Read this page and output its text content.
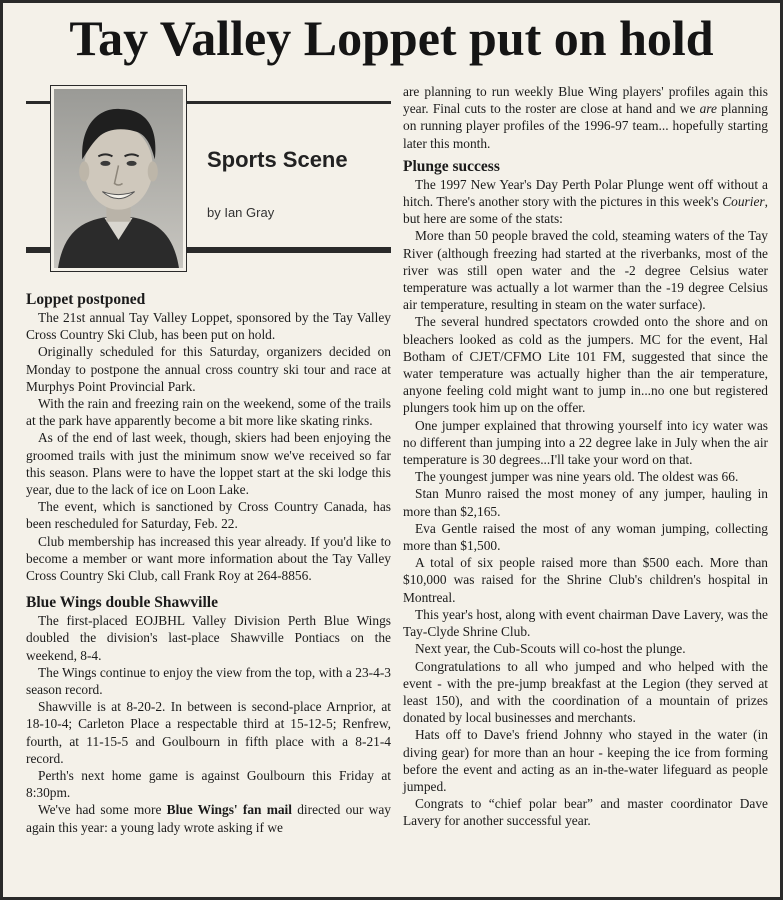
Tay Valley Loppet put on hold
Sports Scene
by Ian Gray
Loppet postponed

The 21st annual Tay Valley Loppet, sponsored by the Tay Valley Cross Country Ski Club, has been put on hold.

Originally scheduled for this Saturday, organizers decided on Monday to postpone the annual cross country ski tour and race at Murphys Point Provincial Park.

With the rain and freezing rain on the weekend, some of the trails at the park have apparently become a bit more like skating rinks.

As of the end of last week, though, skiers had been enjoying the groomed trails with just the minimum snow we've received so far this season. Plans were to have the loppet start at the ski lodge this year, due to the lack of ice on Loon Lake.

The event, which is sanctioned by Cross Country Canada, has been rescheduled for Saturday, Feb. 22.

Club membership has increased this year already. If you'd like to become a member or want more information about the Tay Valley Cross Country Ski Club, call Frank Roy at 264-8856.

Blue Wings double Shawville

The first-placed EOJBHL Valley Division Perth Blue Wings doubled the division's last-place Shawville Pontiacs on the weekend, 8-4.

The Wings continue to enjoy the view from the top, with a 23-4-3 season record.

Shawville is at 8-20-2. In between is second-place Arnprior, at 18-10-4; Carleton Place a respectable third at 15-12-5; Renfrew, fourth, at 11-15-5 and Goulbourn in fifth place with a 8-21-4 record.

Perth's next home game is against Goulbourn this Friday at 8:30pm.

We've had some more Blue Wings' fan mail directed our way again this year: a young lady wrote asking if we

are planning to run weekly Blue Wing players' profiles again this year. Final cuts to the roster are close at hand and we are planning on running player profiles of the 1996-97 team... hopefully starting later this month.

Plunge success

The 1997 New Year's Day Perth Polar Plunge went off without a hitch. There's another story with the pictures in this week's Courier, but here are some of the stats:

More than 50 people braved the cold, steaming waters of the Tay River (although freezing had started at the riverbanks, most of the river was still open water and the -2 degree Celsius water temperature was actually a lot warmer than the -19 degree Celsius air temperature, resulting in steam on the water surface).

The several hundred spectators crowded onto the shore and on bleachers looked as cold as the jumpers. MC for the event, Hal Botham of CJET/CFMO Lite 101 FM, suggested that since the water temperature was actually higher than the air temperature, anyone feeling cold might want to jump in...no one but registered plungers took him up on the offer.

One jumper explained that throwing yourself into icy water was no different than jumping into a 22 degree lake in July when the air temperature is 30 degrees...I'll take your word on that.

The youngest jumper was nine years old. The oldest was 66.

Stan Munro raised the most money of any jumper, hauling in more than $2,165.

Eva Gentle raised the most of any woman jumping, collecting more than $1,500.

A total of six people raised more than $500 each. More than $10,000 was raised for the Shrine Club's children's hospital in Montreal.

This year's host, along with event chairman Dave Lavery, was the Tay-Clyde Shrine Club.

Next year, the Cub-Scouts will co-host the plunge.

Congratulations to all who jumped and who helped with the event - with the pre-jump breakfast at the Legion (they served at least 150), and with the coordination of a mountain of prizes donated by local businesses and merchants.

Hats off to Dave's friend Johnny who stayed in the water (in diving gear) for more than an hour - keeping the ice from forming before the event and acting as an in-the-water lifeguard as people jumped.

Congrats to “chief polar bear” and master coordinator Dave Lavery for another successful year.
